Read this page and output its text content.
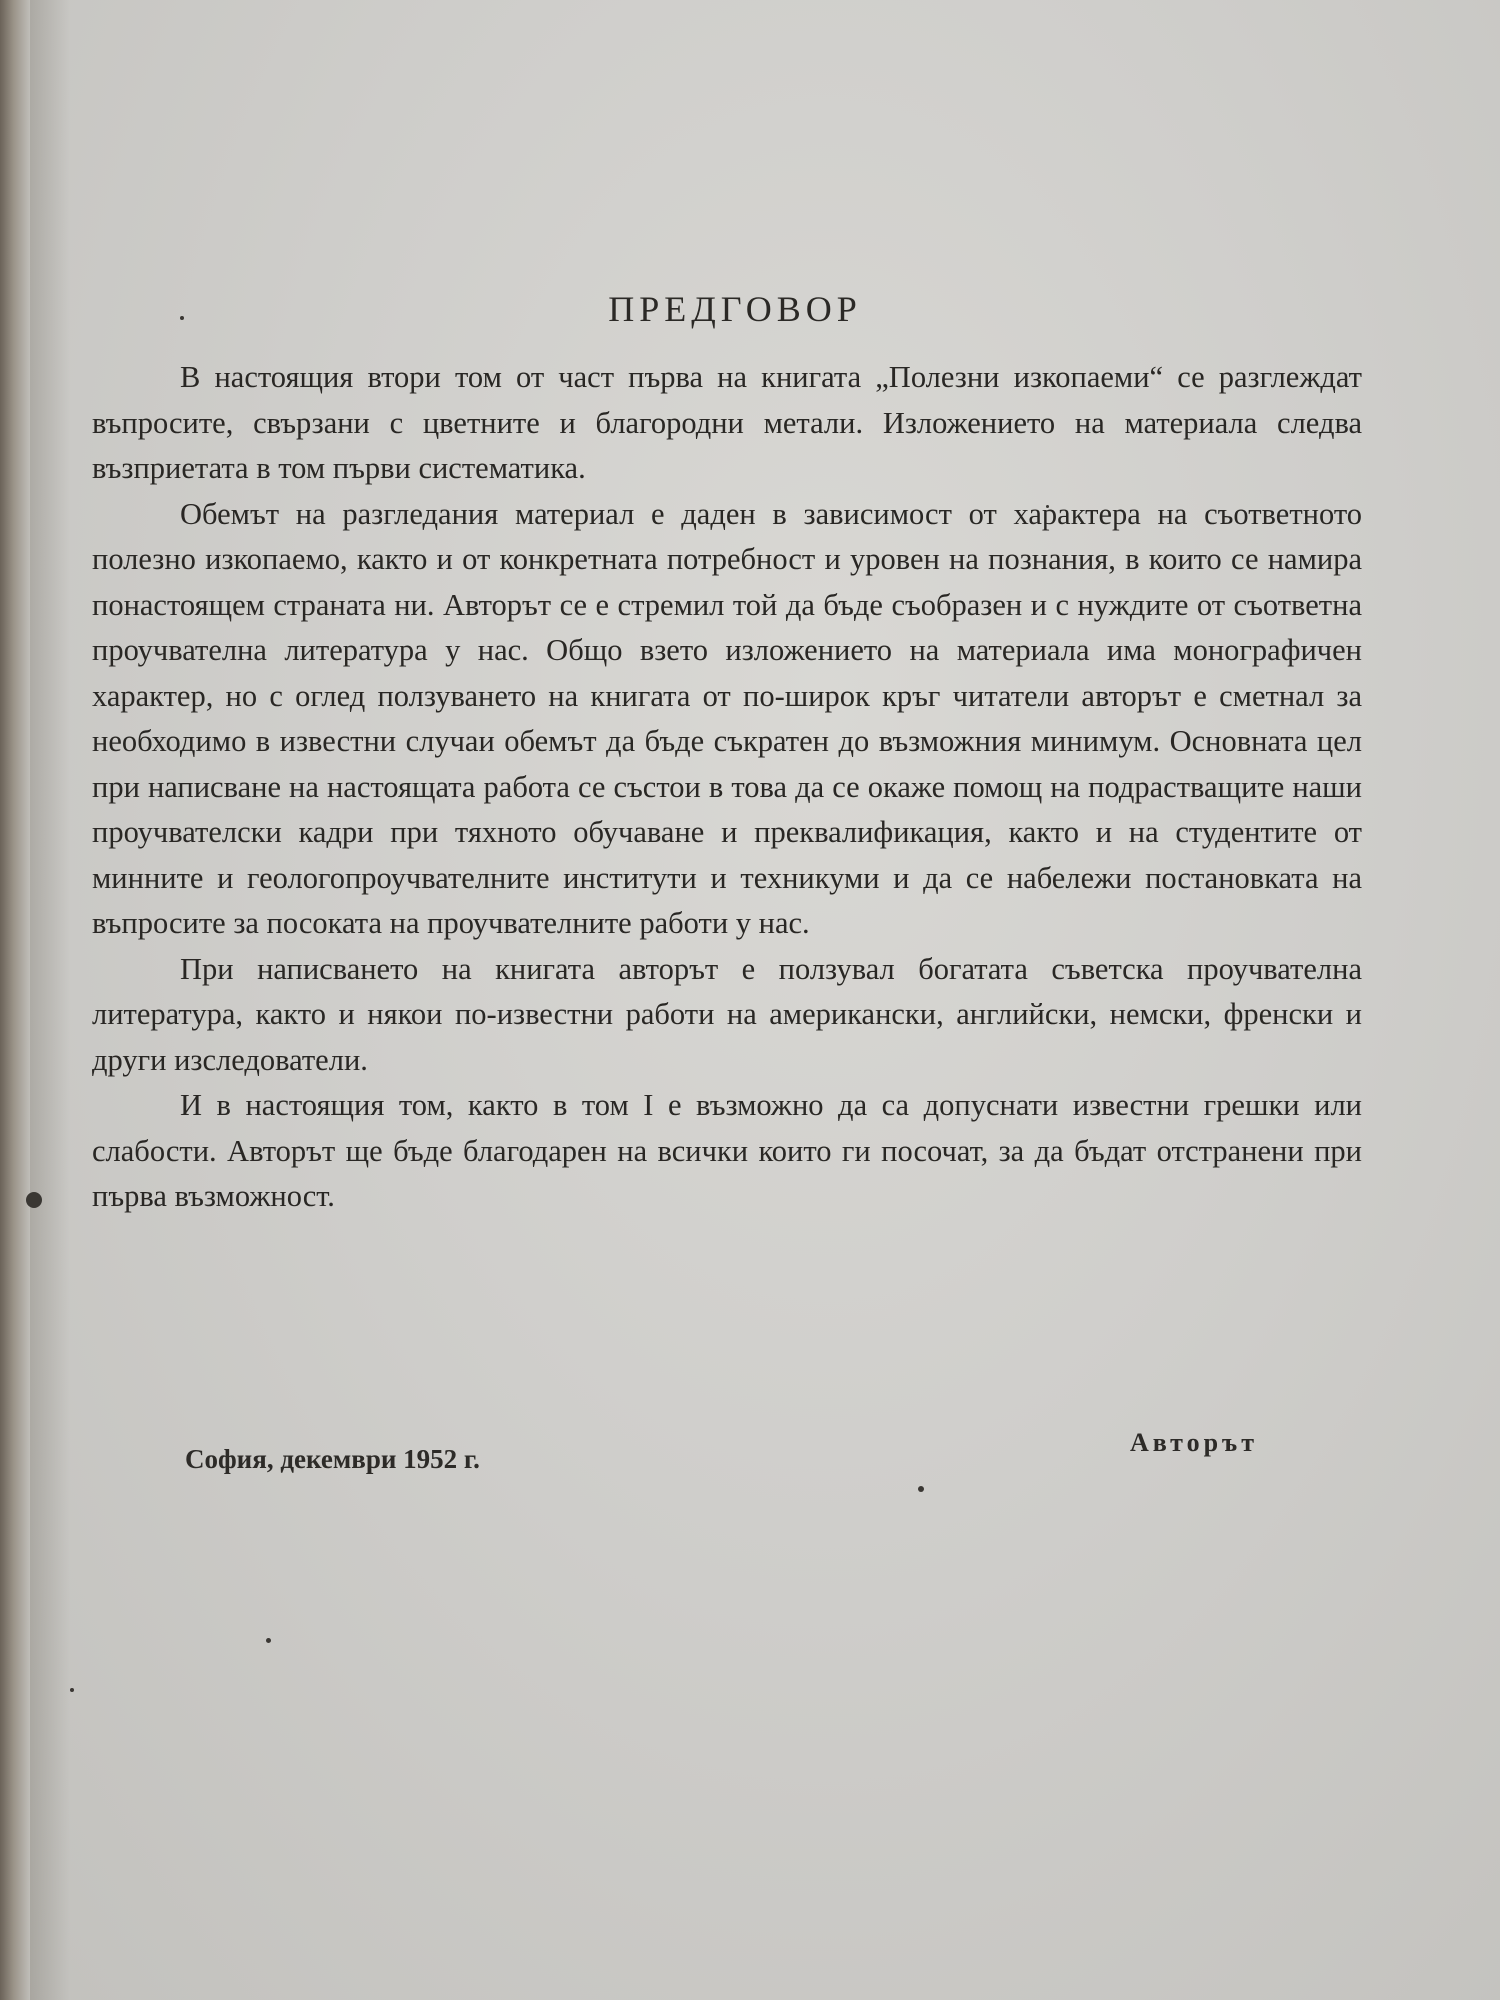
ПРЕДГОВОР

В настоящия втори том от част първа на книгата „Полезни изкопаеми“ се разглеждат въпросите, свързани с цветните и благородни метали. Изложението на материала следва възприетата в том първи систематика.

Обемът на разгледания материал е даден в зависимост от характера на съответното полезно изкопаемо, както и от конкретната потребност и уровен на познания, в които се намира понастоящем страната ни. Авторът се е стремил той да бъде съобразен и с нуждите от съответна проучвателна литература у нас. Общо взето изложението на материала има монографичен характер, но с оглед ползуването на книгата от по-широк кръг читатели авторът е сметнал за необходимо в известни случаи обемът да бъде съкратен до възможния минимум. Основната цел при написване на настоящата работа се състои в това да се окаже помощ на подрастващите наши проучвателски кадри при тяхното обучаване и преквалификация, както и на студентите от минните и геологопроучвателните институти и техникуми и да се набележи постановката на въпросите за посоката на проучвателните работи у нас.

При написването на книгата авторът е ползувал богатата съветска проучвателна литература, както и някои по-известни работи на американски, английски, немски, френски и други изследователи.

И в настоящия том, както в том I е възможно да са допуснати известни грешки или слабости. Авторът ще бъде благодарен на всички които ги посочат, за да бъдат отстранени при първа възможност.

София, декември 1952 г.
Авторът
